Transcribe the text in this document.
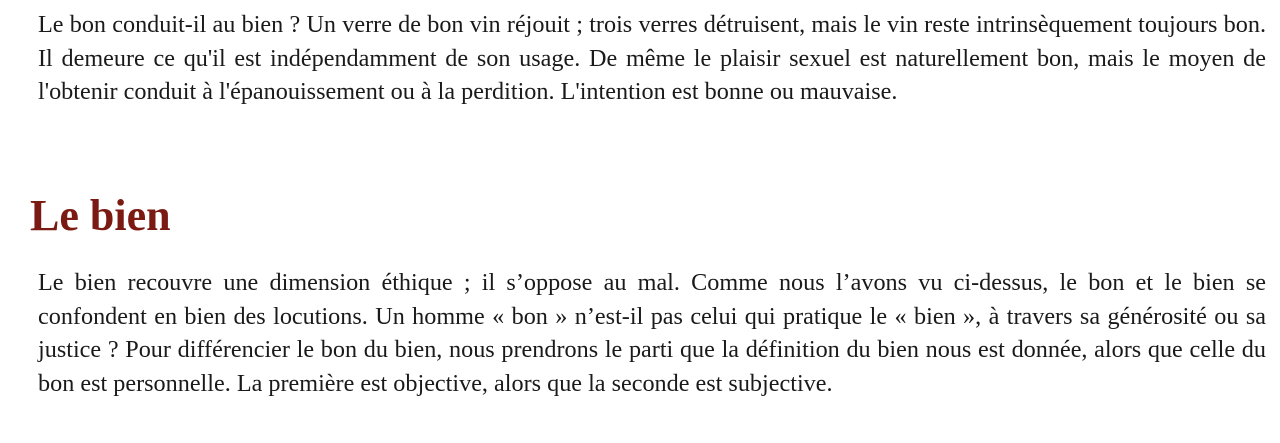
Le bon conduit-il au bien ? Un verre de bon vin réjouit ; trois verres détruisent, mais le vin reste intrinsèquement toujours bon. Il demeure ce qu'il est indépendamment de son usage. De même le plaisir sexuel est naturellement bon, mais le moyen de l'obtenir conduit à l'épanouissement ou à la perdition. L'intention est bonne ou mauvaise.

Le bien

Le bien recouvre une dimension éthique ; il s’oppose au mal. Comme nous l’avons vu ci-dessus, le bon et le bien se confondent en bien des locutions. Un homme « bon » n’est-il pas celui qui pratique le « bien », à travers sa générosité ou sa justice ? Pour différencier le bon du bien, nous prendrons le parti que la définition du bien nous est donnée, alors que celle du bon est personnelle. La première est objective, alors que la seconde est subjective.
